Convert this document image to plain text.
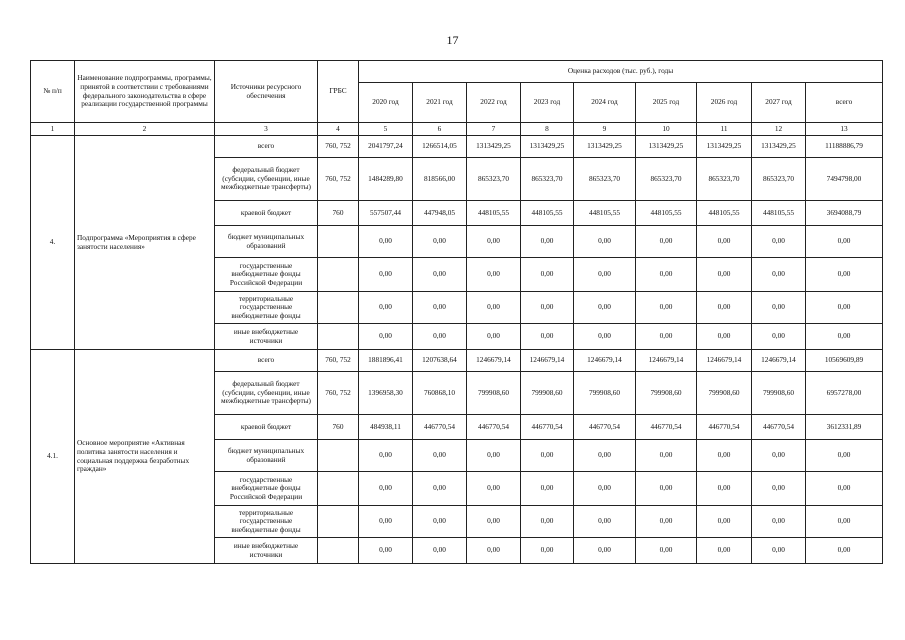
17
№ п/п	Наименование подпрограммы, программы, принятой в соответствии с требованиями федерального законодательства в сфере реализации государственной программы	Источники ресурсного обеспечения	ГРБС	Оценка расходов (тыс. руб.), годы								
				2020 год	2021 год	2022 год	2023 год	2024 год	2025 год	2026 год	2027 год	всего
1	2	3	4	5	6	7	8	9	10	11	12	13
4.	Подпрограмма «Мероприятия в сфере занятости населения»	всего	760, 752	2041797,24	1266514,05	1313429,25	1313429,25	1313429,25	1313429,25	1313429,25	1313429,25	11188886,79
		федеральный бюджет (субсидии, субвенции, иные межбюджетные трансферты)	760, 752	1484289,80	818566,00	865323,70	865323,70	865323,70	865323,70	865323,70	865323,70	7494798,00
		краевой бюджет	760	557507,44	447948,05	448105,55	448105,55	448105,55	448105,55	448105,55	448105,55	3694088,79
		бюджет муниципальных образований		0,00	0,00	0,00	0,00	0,00	0,00	0,00	0,00	0,00
		государственные внебюджетные фонды Российской Федерации		0,00	0,00	0,00	0,00	0,00	0,00	0,00	0,00	0,00
		территориальные государственные внебюджетные фонды		0,00	0,00	0,00	0,00	0,00	0,00	0,00	0,00	0,00
		иные внебюджетные источники		0,00	0,00	0,00	0,00	0,00	0,00	0,00	0,00	0,00
4.1.	Основное мероприятие «Активная политика занятости населения и социальная поддержка безработных граждан»	всего	760, 752	1881896,41	1207638,64	1246679,14	1246679,14	1246679,14	1246679,14	1246679,14	1246679,14	10569609,89
		федеральный бюджет (субсидии, субвенции, иные межбюджетные трансферты)	760, 752	1396958,30	760868,10	799908,60	799908,60	799908,60	799908,60	799908,60	799908,60	6957278,00
		краевой бюджет	760	484938,11	446770,54	446770,54	446770,54	446770,54	446770,54	446770,54	446770,54	3612331,89
		бюджет муниципальных образований		0,00	0,00	0,00	0,00	0,00	0,00	0,00	0,00	0,00
		государственные внебюджетные фонды Российской Федерации		0,00	0,00	0,00	0,00	0,00	0,00	0,00	0,00	0,00
		территориальные государственные внебюджетные фонды		0,00	0,00	0,00	0,00	0,00	0,00	0,00	0,00	0,00
		иные внебюджетные источники		0,00	0,00	0,00	0,00	0,00	0,00	0,00	0,00	0,00
